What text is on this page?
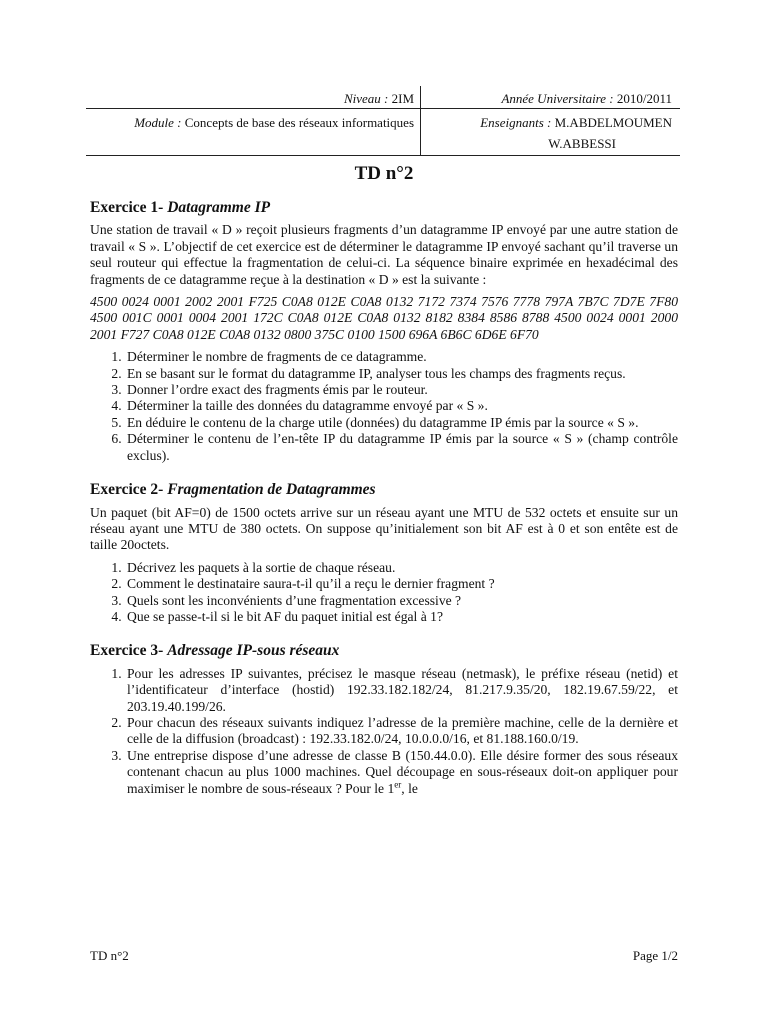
Niveau : 2IM	Année Universitaire : 2010/2011
Module : Concepts de base des réseaux informatiques	Enseignants : M.ABDELMOUMEN
W.ABBESSI
TD n°2
Exercice 1- Datagramme IP
Une station de travail « D » reçoit plusieurs fragments d’un datagramme IP envoyé par une autre station de travail « S ». L’objectif de cet exercice est de déterminer le datagramme IP envoyé sachant qu’il traverse un seul routeur qui effectue la fragmentation de celui-ci. La séquence binaire exprimée en hexadécimal des fragments de ce datagramme reçue à la destination « D » est la suivante :
4500 0024 0001 2002 2001 F725 C0A8 012E C0A8 0132 7172 7374 7576 7778 797A 7B7C 7D7E 7F80 4500 001C 0001 0004 2001 172C C0A8 012E C0A8 0132 8182 8384 8586 8788 4500 0024 0001 2000 2001 F727 C0A8 012E C0A8 0132 0800 375C 0100 1500 696A 6B6C 6D6E 6F70
1. Déterminer le nombre de fragments de ce datagramme.
2. En se basant sur le format du datagramme IP, analyser tous les champs des fragments reçus.
3. Donner l’ordre exact des fragments émis par le routeur.
4. Déterminer la taille des données du datagramme envoyé par « S ».
5. En déduire le contenu de la charge utile (données) du datagramme IP émis par la source « S ».
6. Déterminer le contenu de l’en-tête IP du datagramme IP émis par la source « S » (champ contrôle exclus).
Exercice 2- Fragmentation de Datagrammes
Un paquet (bit AF=0) de 1500 octets arrive sur un réseau ayant une MTU de 532 octets et ensuite sur un réseau ayant une MTU de 380 octets. On suppose qu’initialement son bit AF est à 0 et son entête est de taille 20octets.
1. Décrivez les paquets à la sortie de chaque réseau.
2. Comment le destinataire saura-t-il qu’il a reçu le dernier fragment ?
3. Quels sont les inconvénients d’une fragmentation excessive ?
4. Que se passe-t-il si le bit AF du paquet initial est égal à 1?
Exercice 3- Adressage IP-sous réseaux
1. Pour les adresses IP suivantes, précisez le masque réseau (netmask), le préfixe réseau (netid) et l’identificateur d’interface (hostid) 192.33.182.182/24, 81.217.9.35/20, 182.19.67.59/22, et 203.19.40.199/26.
2. Pour chacun des réseaux suivants indiquez l’adresse de la première machine, celle de la dernière et celle de la diffusion (broadcast) : 192.33.182.0/24, 10.0.0.0/16, et 81.188.160.0/19.
3. Une entreprise dispose d’une adresse de classe B (150.44.0.0). Elle désire former des sous réseaux contenant chacun au plus 1000 machines. Quel découpage en sous-réseaux doit-on appliquer pour maximiser le nombre de sous-réseaux ? Pour le 1er, le
TD n°2	Page 1/2
